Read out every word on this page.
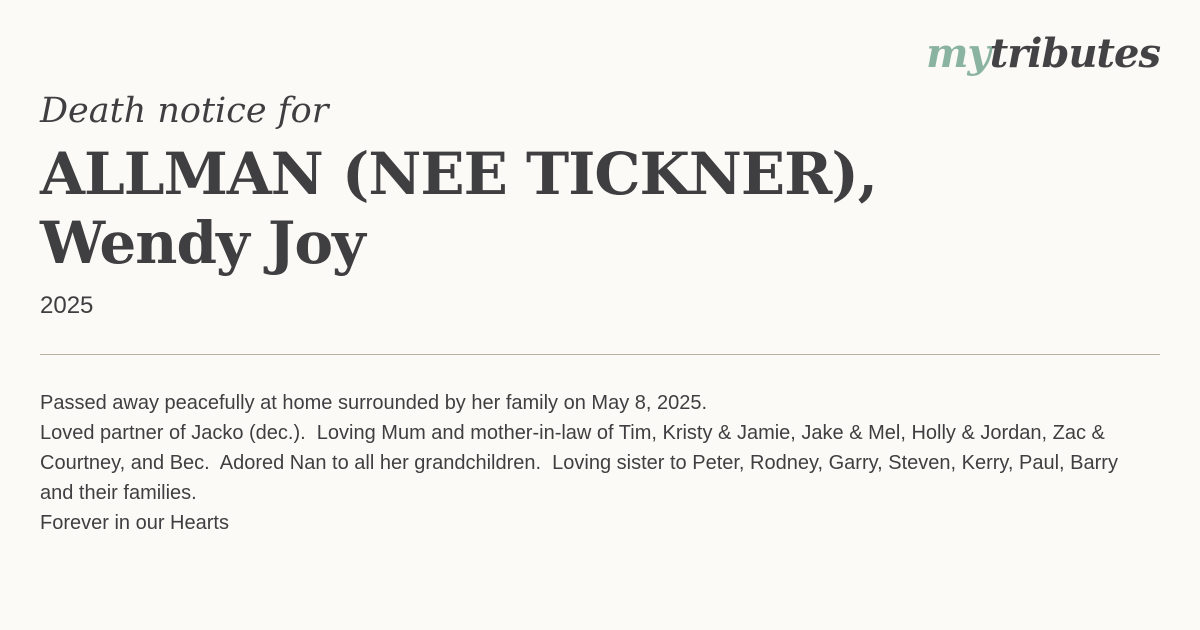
mytributes
Death notice for
ALLMAN (NEE TICKNER),
Wendy Joy
2025

Passed away peacefully at home surrounded by her family on May 8, 2025.

Loved partner of Jacko (dec.).  Loving Mum and mother-in-law of Tim, Kristy & Jamie, Jake & Mel, Holly & Jordan, Zac & Courtney, and Bec.  Adored Nan to all her grandchildren.  Loving sister to Peter, Rodney, Garry, Steven, Kerry, Paul, Barry and their families.

Forever in our Hearts
